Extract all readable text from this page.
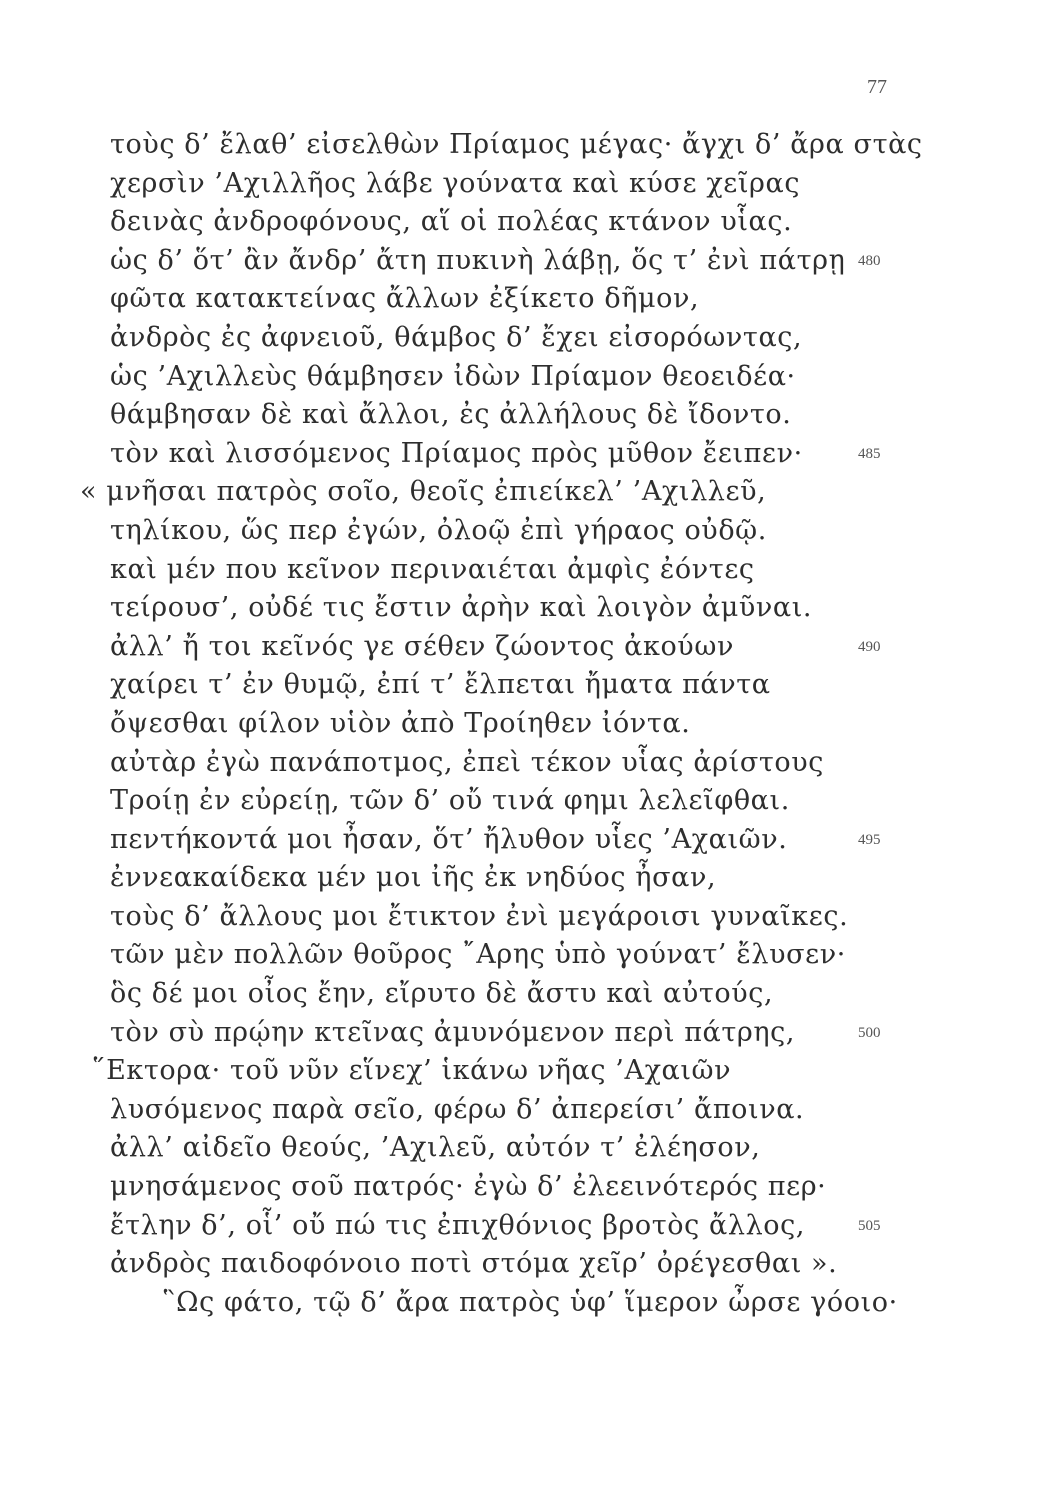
77
τοὺς δ’ ἔλαθ’ εἰσελθὼν Πρίαμος μέγας· ἄγχι δ’ ἄρα στὰς
χερσὶν ’Αχιλλῆος λάβε γούνατα καὶ κύσε χεῖρας
δεινὰς ἀνδροφόνους, αἵ οἱ πολέας κτάνον υἷας.
ὡς δ’ ὅτ’ ἂν ἄνδρ’ ἄτη πυκινὴ λάβῃ, ὅς τ’ ἐνὶ πάτρῃ 480
φῶτα κατακτείνας ἄλλων ἐξίκετο δῆμον,
ἀνδρὸς ἐς ἀφνειοῦ, θάμβος δ’ ἔχει εἰσορόωντας,
ὡς ’Αχιλλεὺς θάμβησεν ἰδὼν Πρίαμον θεοειδέα·
θάμβησαν δὲ καὶ ἄλλοι, ἐς ἀλλήλους δὲ ἴδοντο.
τὸν καὶ λισσόμενος Πρίαμος πρὸς μῦθον ἔειπεν·	485
« μνῆσαι πατρὸς σοῖο, θεοῖς ἐπιείκελ’ ’Αχιλλεῦ,
τηλίκου, ὥς περ ἐγών, ὀλοῷ ἐπὶ γήραος οὐδῷ.
καὶ μέν που κεῖνον περιναιέται ἀμφὶς ἐόντες
τείρουσ’, οὐδέ τις ἔστιν ἀρὴν καὶ λοιγὸν ἀμῦναι.
ἀλλ’ ἤ τοι κεῖνός γε σέθεν ζώοντος ἀκούων	490
χαίρει τ’ ἐν θυμῷ, ἐπί τ’ ἔλπεται ἤματα πάντα
ὄψεσθαι φίλον υἱὸν ἀπὸ Τροίηθεν ἰόντα.
αὐτὰρ ἐγὼ πανάποτμος, ἐπεὶ τέκον υἷας ἀρίστους
Τροίῃ ἐν εὐρείῃ, τῶν δ’ οὔ τινά φημι λελεῖφθαι.
πεντήκοντά μοι ἦσαν, ὅτ’ ἤλυθον υἷες ’Αχαιῶν.	495
ἐννεακαίδεκα μέν μοι ἰῆς ἐκ νηδύος ἦσαν,
τοὺς δ’ ἄλλους μοι ἔτικτον ἐνὶ μεγάροισι γυναῖκες.
τῶν μὲν πολλῶν θοῦρος ῎Αρης ὑπὸ γούνατ’ ἔλυσεν·
ὃς δέ μοι οἶος ἔην, εἴρυτο δὲ ἄστυ καὶ αὐτούς,
τὸν σὺ πρῴην κτεῖνας ἀμυνόμενον περὶ πάτρης,	500
῞Εκτορα· τοῦ νῦν εἵνεχ’ ἱκάνω νῆας ’Αχαιῶν
λυσόμενος παρὰ σεῖο, φέρω δ’ ἀπερείσι’ ἄποινα.
ἀλλ’ αἰδεῖο θεούς, ’Αχιλεῦ, αὐτόν τ’ ἐλέησον,
μνησάμενος σοῦ πατρός· ἐγὼ δ’ ἐλεεινότερός περ·
ἔτλην δ’, οἷ’ οὔ πώ τις ἐπιχθόνιος βροτὸς ἄλλος,	505
ἀνδρὸς παιδοφόνοιο ποτὶ στόμα χεῖρ’ ὀρέγεσθαι ».
῝Ως φάτο, τῷ δ’ ἄρα πατρὸς ὑφ’ ἵμερον ὦρσε γόοιο·
